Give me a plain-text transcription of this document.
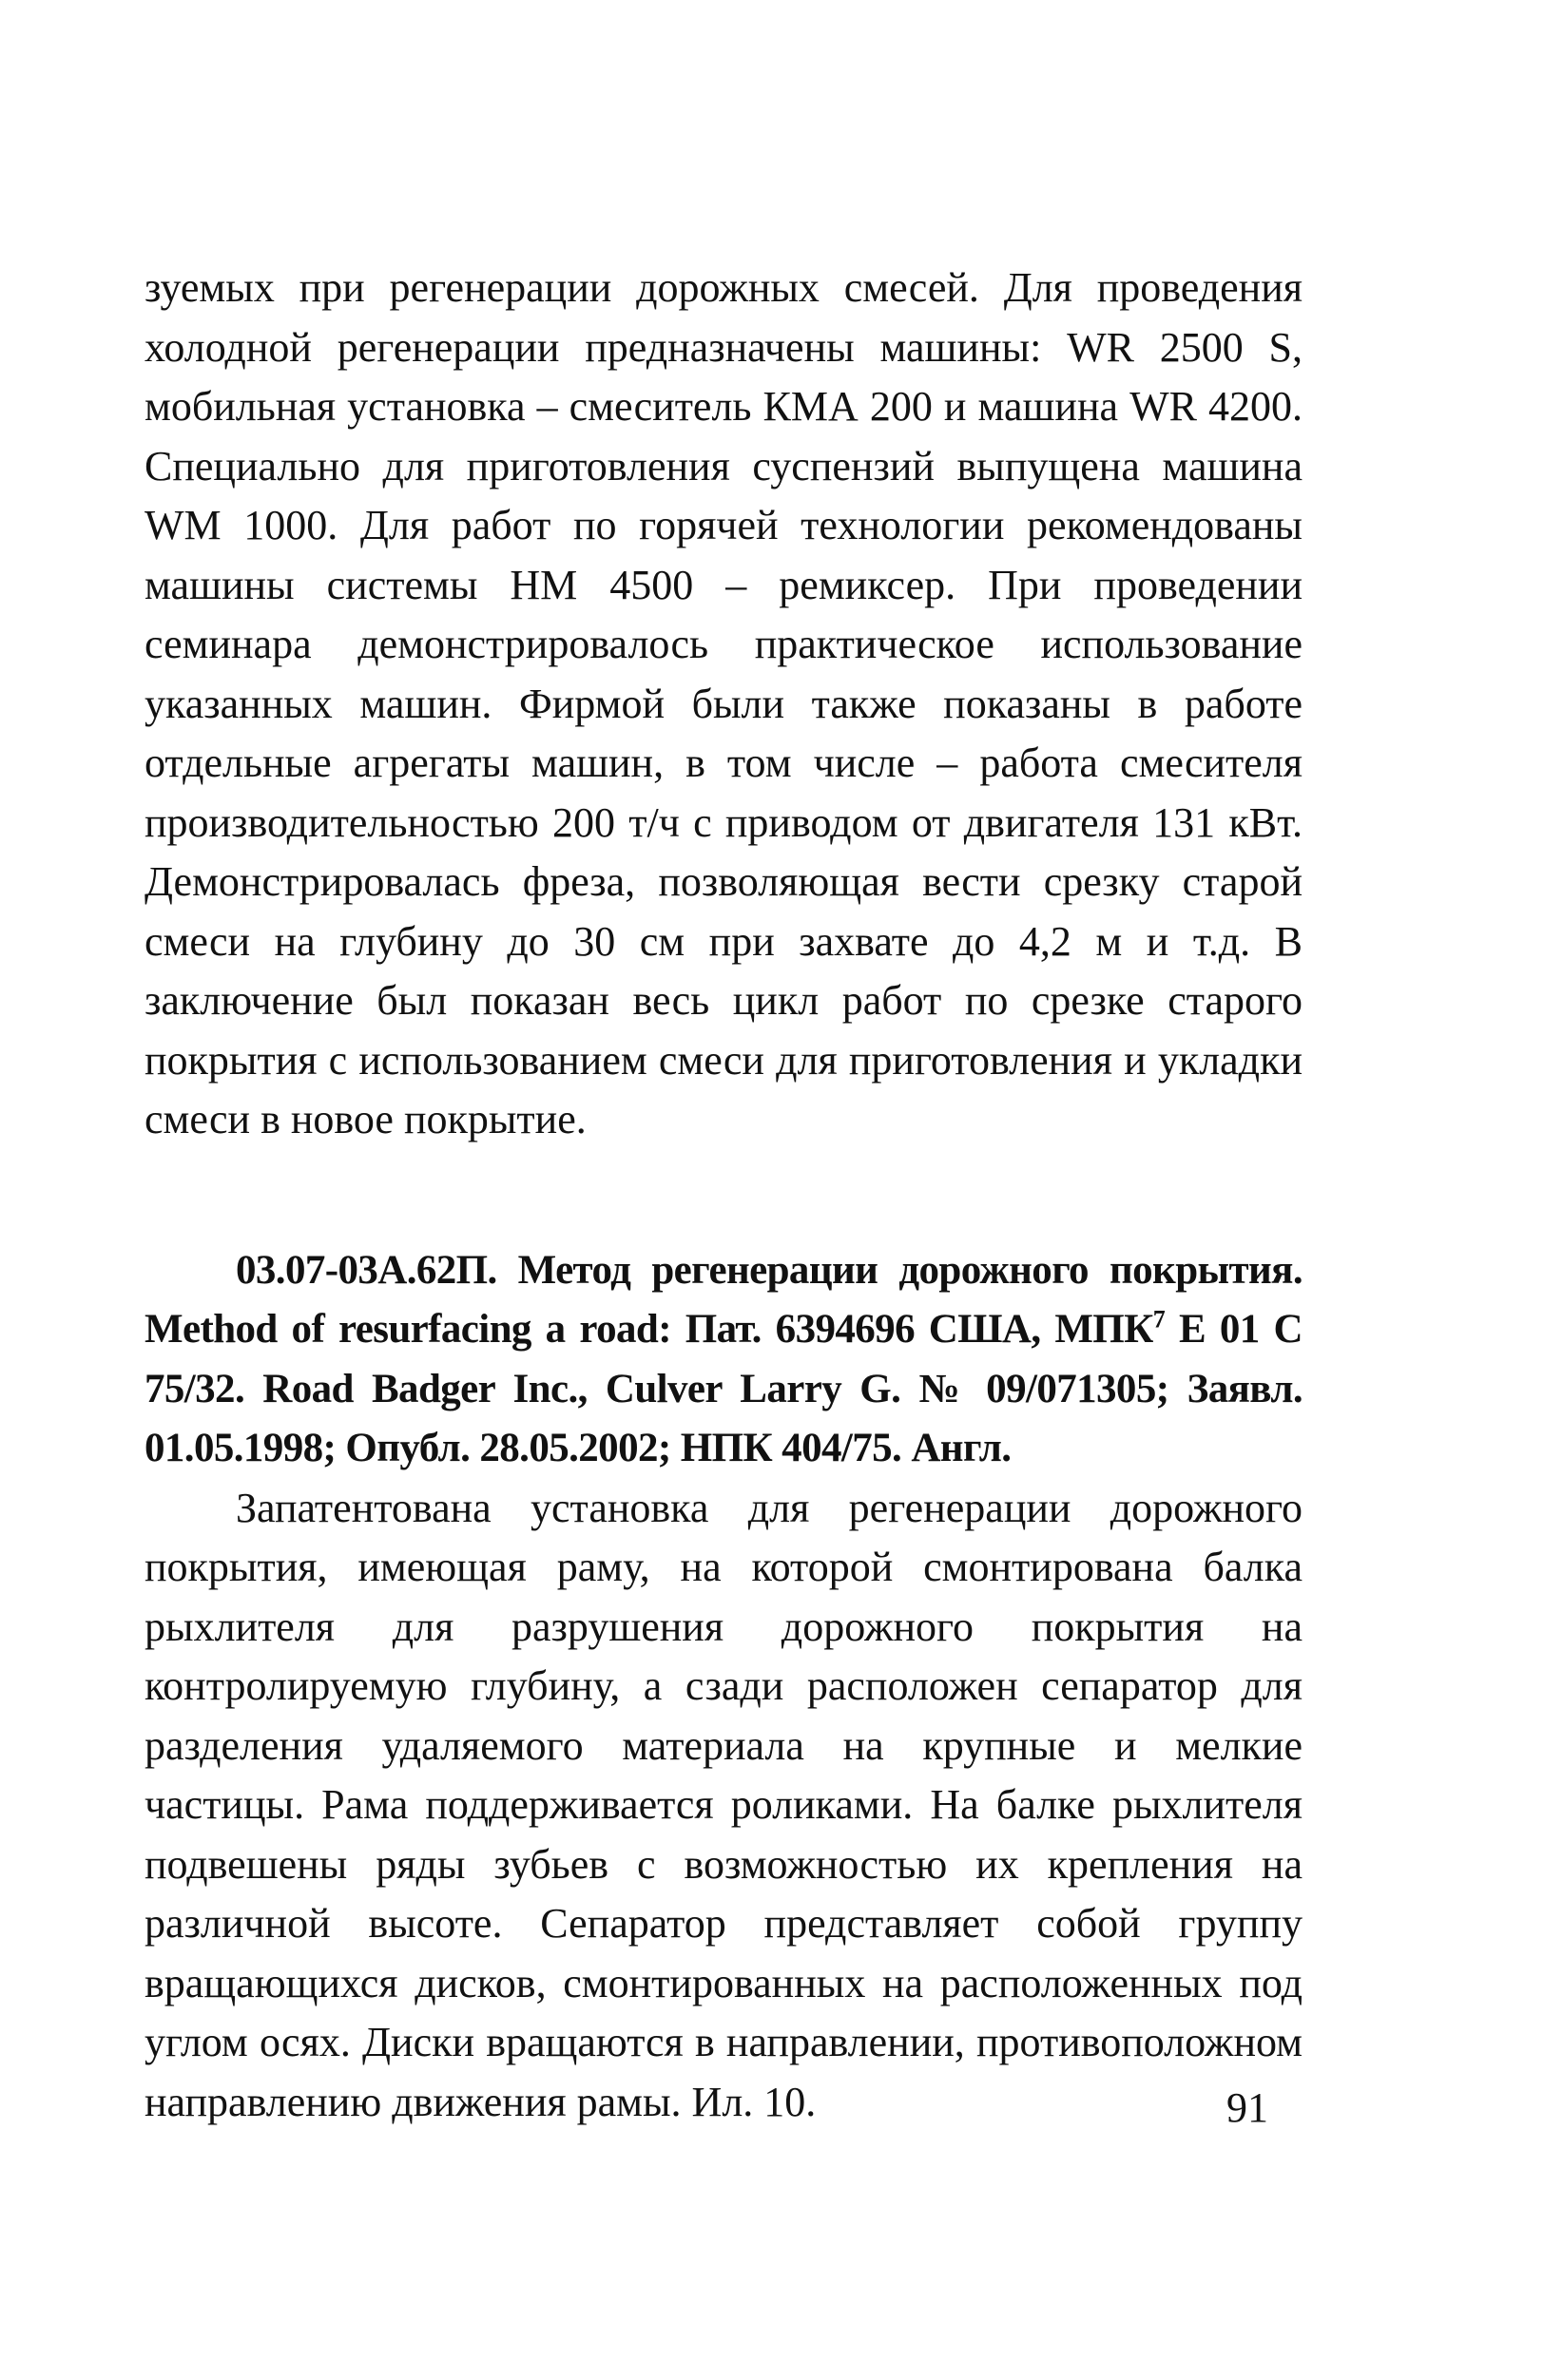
зуемых при регенерации дорожных смесей. Для проведения холодной регенерации предназначены машины: WR 2500 S, мобильная установка – смеситель КМА 200 и машина WR 4200. Специально для приготовления суспензий выпущена машина WM 1000. Для работ по горячей технологии рекомендованы машины системы НМ 4500 – ремиксер. При проведении семинара демонстрировалось практическое использование указанных машин. Фирмой были также показаны в работе отдельные агрегаты машин, в том числе – работа смесителя производительностью 200 т/ч с приводом от двигателя 131 кВт. Демонстрировалась фреза, позволяющая вести срезку старой смеси на глубину до 30 см при захвате до 4,2 м и т.д. В заключение был показан весь цикл работ по срезке старого покрытия с использованием смеси для приготовления и укладки смеси в новое покрытие.

03.07-03А.62П. Метод регенерации дорожного покрытия. Method of resurfacing a road: Пат. 6394696 США, МПК$^7$ Е 01 С 75/32. Road Badger Inc., Culver Larry G. № 09/071305; Заявл. 01.05.1998; Опубл. 28.05.2002; НПК 404/75. Англ.

Запатентована установка для регенерации дорожного покрытия, имеющая раму, на которой смонтирована балка рыхлителя для разрушения дорожного покрытия на контролируемую глубину, а сзади расположен сепаратор для разделения удаляемого материала на крупные и мелкие частицы. Рама поддерживается роликами. На балке рыхлителя подвешены ряды зубьев с возможностью их крепления на различной высоте. Сепаратор представляет собой группу вращающихся дисков, смонтированных на расположенных под углом осях. Диски вращаются в направлении, противоположном направлению движения рамы. Ил. 10.	91
